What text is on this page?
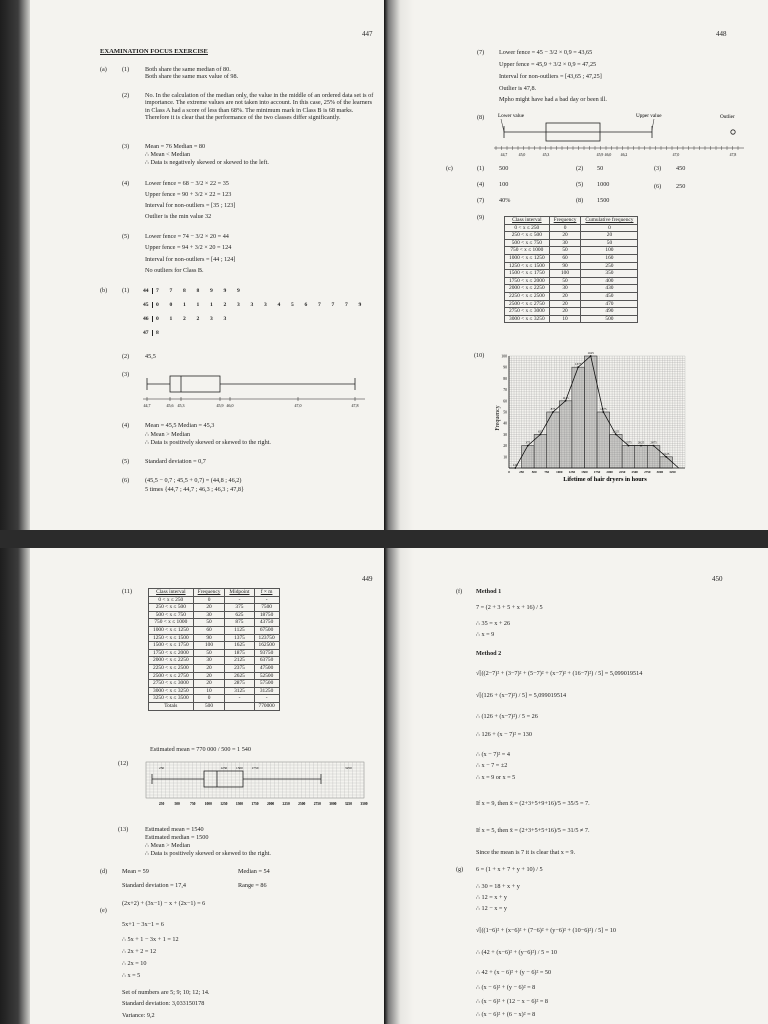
447
EXAMINATION FOCUS EXERCISE
(a) (1)	Both share the same median of 80.
Both share the same max value of 98.
(2)	No. In the calculation of the median only, the value in the middle of an ordered data set is of importance. The extreme values are not taken into account. In this case, 25% of the learners in Class A had a score of less than 68%. The minimum mark in Class B is 68 marks. Therefore it is clear that the performance of the two classes differ significantly.
(3)	Mean = 76 Median = 80
∴ Mean < Median
∴ Data is negatively skewed or skewed to the left.
(4)	Lower fence = 68 − 3/2 × 22 = 35
Upper fence = 90 + 3/2 × 22 = 123
Interval for non-outliers = [35 ; 123]
Outlier is the min value 32
(5)	Lower fence = 74 − 3/2 × 20 = 44
Upper fence = 94 + 3/2 × 20 = 124
Interval for non-outliers = [44 ; 124]
No outliers for Class B.
(b) (1) 44 7 7 8 8 9 9 9
45 0 0 1 1 1 2 3 3 3 4 5 6 7 7 7 9
46 0 1 2 2 3 3
47 8
(2)	45,5
(3)
44,7	45,6 45,3	45,9 46,0	47,0	47,8
(4)	Mean = 45,5 Median = 45,3
∴ Mean > Median
∴ Data is positively skewed or skewed to the right.
(5)	Standard deviation = 0,7
(6)	(45,5 − 0,7 ; 45,5 + 0,7) = (44,8 ; 46,2)
5 times {44,7 ; 44,7 ; 46,3 ; 46,3 ; 47,8}
448
(7) Lower fence = 45 − 3/2 × 0,9 = 43,65
Upper fence = 45,9 + 3/2 × 0,9 = 47,25
Interval for non-outliers = [43,65 ; 47,25]
Outlier is 47,8.
Mpho might have had a bad day or been ill.
(8)	Lower value	Upper value	Outlier
44,7	45,0	45,3	45,9 46,0 46,2	47,0	47,8
(c)	(1) 500	(2) 50	(3) 450
(4) 100	(5) 1000	(6) 250
(7) 40%	(8) 1500
(9)	Class interval	Frequency	Cumulative frequency
0 < x ≤ 250	0	0
250 < x ≤ 500	20	20
500 < x ≤ 750	30	50
750 < x ≤ 1000	50	100
1000 < x ≤ 1250	60	160
1250 < x ≤ 1500	90	250
1500 < x ≤ 1750	100	350
1750 < x ≤ 2000	50	400
2000 < x ≤ 2250	30	430
2250 < x ≤ 2500	20	450
2500 < x ≤ 2750	20	470
2750 < x ≤ 3000	20	490
3000 < x ≤ 3250	10	500
(10)
125
375
625
875
1125
1375
1625
1875
2125
2375 2625 2875
3125
10
20
30
40
50
60
70
80
90
100
0	250 500 750 1000 1250 1500 1750 2000 2250 2500 2750 3000 3250
Frequency
Lifetime of hair dryers in hours
449
(11)	Class interval	Frequency	Midpoint	f × m
0 < x ≤ 250	0	-	-
250 < x ≤ 500	20	375	7500
500 < x ≤ 750	30	625	18750
750 < x ≤ 1000	50	875	43750
1000 < x ≤ 1250	60	1125	67500
1250 < x ≤ 1500	90	1375	123750
1500 < x ≤ 1750	100	1625	162500
1750 < x ≤ 2000	50	1875	93750
2000 < x ≤ 2250	30	2125	63750
2250 < x ≤ 2500	20	2375	47500
2500 < x ≤ 2750	20	2625	52500
2750 < x ≤ 3000	20	2875	57500
3000 < x ≤ 3250	10	3125	31250
3250 < x ≤ 3500	0	-	-
Totals	500		770000
Estimated mean = 770 000 / 500 = 1 540
(12)
250	1250	1500	1750	3250
250	500	750	1000 1250 1500 1750 2000 2250 2500 2750 3000 3250 3500
(13)	Estimated mean = 1540
Estimated median = 1500
∴ Mean > Median
∴ Data is positively skewed or skewed to the right.
(d) Mean = 59	Median = 54
Standard deviation = 17,4	Range = 86
(e)
(2x+2) + (3x−1) − x + (2x−1) = 6
5x+1 − 3x−1 = 6
∴ 5x + 1 − 3x + 1 = 12
∴ 2x + 2 = 12
∴ 2x = 10
∴ x = 5
Set of numbers are 5; 9; 10; 12; 14.
Standard deviation: 3,033150178
Variance: 9,2
450
(f) Method 1
7 = (2 + 3 + 5 + x + 16) / 5
∴ 35 = x + 26
∴ x = 9
Method 2
√[((2−7)² + (3−7)² + (5−7)² + (x−7)² + (16−7)²) / 5] = 5,099019514
√[(126 + (x−7)²) / 5] = 5,099019514
∴ (126 + (x−7)²) / 5 = 26
∴ 126 + (x − 7)² = 130
∴ (x − 7)² = 4
∴ x − 7 = ±2
∴ x = 9 or x = 5
If x = 9, then x̄ = (2+3+5+9+16)/5 = 35/5 = 7.
If x = 5, then x̄ = (2+3+5+5+16)/5 = 31/5 ≠ 7.
Since the mean is 7 it is clear that x = 9.
(g) 6 = (1 + x + 7 + y + 10) / 5
∴ 30 = 18 + x + y
∴ 12 = x + y
∴ 12 − x = y
√[((1−6)² + (x−6)² + (7−6)² + (y−6)² + (10−6)²) / 5] = 10
∴ (42 + (x−6)² + (y−6)²) / 5 = 10
∴ 42 + (x − 6)² + (y − 6)² = 50
∴ (x − 6)² + (y − 6)² = 8
∴ (x − 6)² + (12 − x − 6)² = 8
∴ (x − 6)² + (6 − x)² = 8
